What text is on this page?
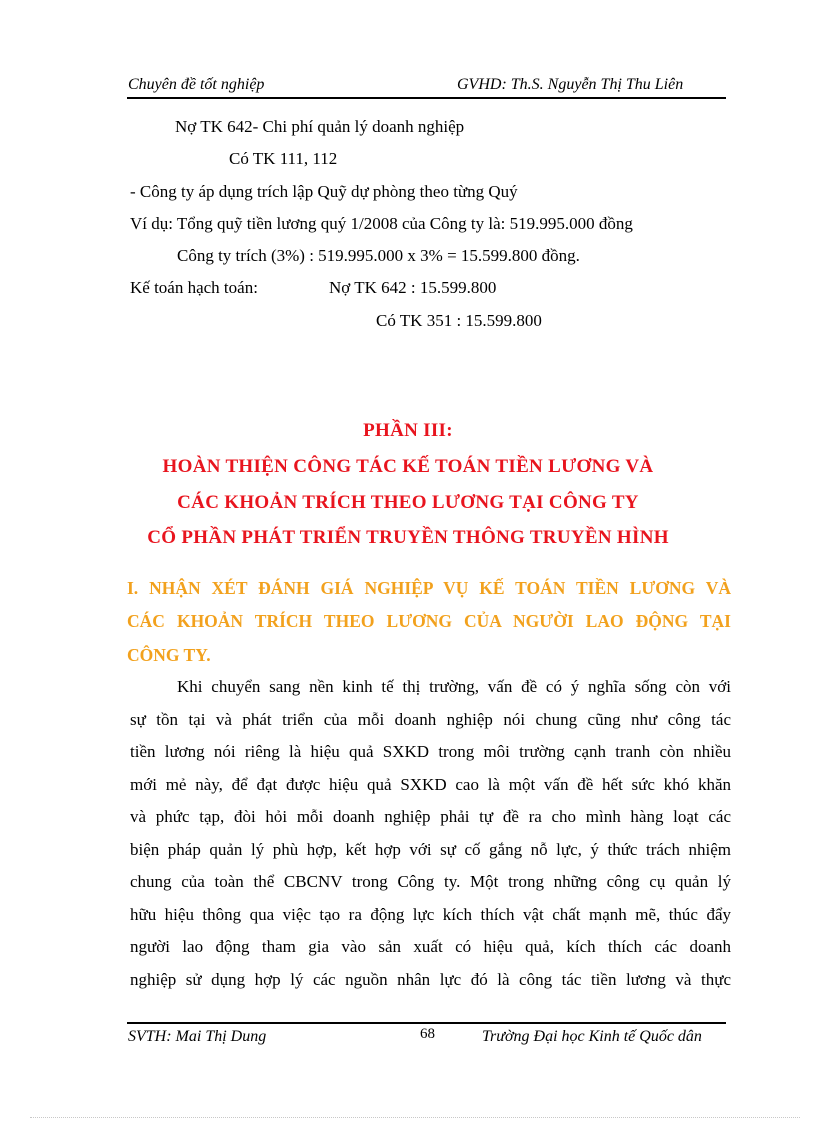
Chuyên đề tốt nghiệp	GVHD: Th.S. Nguyễn Thị Thu Liên
Nợ TK 642- Chi phí quản lý doanh nghiệp
Có TK 111, 112
- Công ty áp dụng trích lập Quỹ dự phòng theo từng Quý
Ví dụ: Tổng quỹ tiền lương quý 1/2008 của Công ty là: 519.995.000 đồng
Công ty trích (3%) : 519.995.000 x 3% = 15.599.800 đồng.
Kế toán hạch toán:	Nợ TK 642 : 15.599.800
Có TK 351 : 15.599.800
PHẦN III:
HOÀN THIỆN CÔNG TÁC KẾ TOÁN TIỀN LƯƠNG VÀ
CÁC KHOẢN TRÍCH THEO LƯƠNG TẠI CÔNG TY
CỔ PHẦN PHÁT TRIỂN TRUYỀN THÔNG TRUYỀN HÌNH
I. NHẬN XÉT ĐÁNH GIÁ NGHIỆP VỤ KẾ TOÁN TIỀN LƯƠNG VÀ
CÁC KHOẢN TRÍCH THEO LƯƠNG CỦA NGƯỜI LAO ĐỘNG TẠI
CÔNG TY.
Khi chuyển sang nền kinh tế thị trường, vấn đề có ý nghĩa sống còn với
sự tồn tại và phát triển của mỗi doanh nghiệp nói chung cũng như công tác
tiền lương nói riêng là hiệu quả SXKD trong môi trường cạnh tranh còn nhiều
mới mẻ này, để đạt được hiệu quả SXKD cao là một vấn đề hết sức khó khăn
và phức tạp, đòi hỏi mỗi doanh nghiệp phải tự đề ra cho mình hàng loạt các
biện pháp quản lý phù hợp, kết hợp với sự cố gắng nỗ lực, ý thức trách nhiệm
chung của toàn thể CBCNV trong Công ty. Một trong những công cụ quản lý
hữu hiệu thông qua việc tạo ra động lực kích thích vật chất mạnh mẽ, thúc đẩy
người lao động tham gia vào sản xuất có hiệu quả, kích thích các doanh
nghiệp sử dụng hợp lý các nguồn nhân lực đó là công tác tiền lương và thực
SVTH: Mai Thị Dung	68	Trường Đại học Kinh tế Quốc dân
